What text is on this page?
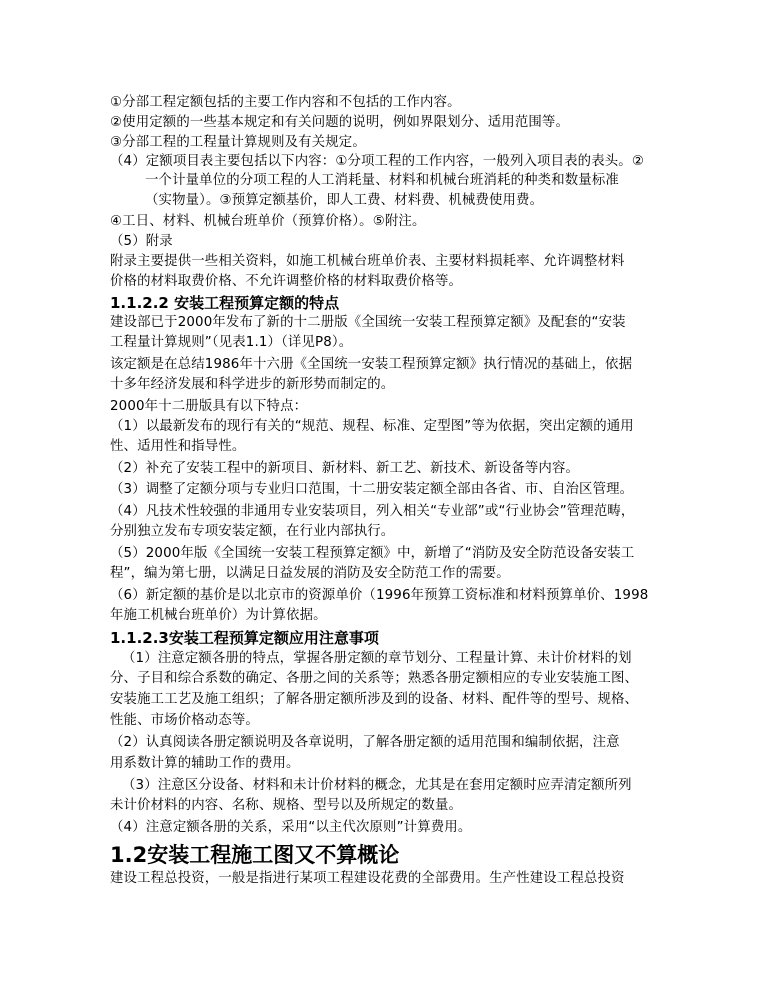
①分部工程定额包括的主要工作内容和不包括的工作内容。
②使用定额的一些基本规定和有关问题的说明，例如界限划分、适用范围等。
③分部工程的工程量计算规则及有关规定。
（4）定额项目表主要包括以下内容：①分项工程的工作内容，一般列入项目表的表头。②
一个计量单位的分项工程的人工消耗量、材料和机械台班消耗的种类和数量标准
（实物量）。③预算定额基价，即人工费、材料费、机械费使用费。
④工日、材料、机械台班单价（预算价格）。⑤附注。
（5）附录
附录主要提供一些相关资料，如施工机械台班单价表、主要材料损耗率、允许调整材料
价格的材料取费价格、不允许调整价格的材料取费价格等。
1.1.2.2 安装工程预算定额的特点
建设部已于2000年发布了新的十二册版《全国统一安装工程预算定额》及配套的“安装
工程量计算规则”（见表1.1）（详见P8）。
该定额是在总结1986年十六册《全国统一安装工程预算定额》执行情况的基础上，依据
十多年经济发展和科学进步的新形势而制定的。
2000年十二册版具有以下特点：
（1）以最新发布的现行有关的“规范、规程、标准、定型图”等为依据，突出定额的通用
性、适用性和指导性。
（2）补充了安装工程中的新项目、新材料、新工艺、新技术、新设备等内容。
（3）调整了定额分项与专业归口范围，十二册安装定额全部由各省、市、自治区管理。
（4）凡技术性较强的非通用专业安装项目，列入相关“专业部”或“行业协会”管理范畴，
分别独立发布专项安装定额，在行业内部执行。
（5）2000年版《全国统一安装工程预算定额》中，新增了“消防及安全防范设备安装工
程”，编为第七册，以满足日益发展的消防及安全防范工作的需要。
（6）新定额的基价是以北京市的资源单价（1996年预算工资标准和材料预算单价、1998
年施工机械台班单价）为计算依据。
1.1.2.3安装工程预算定额应用注意事项
（1）注意定额各册的特点，掌握各册定额的章节划分、工程量计算、未计价材料的划
分、子目和综合系数的确定、各册之间的关系等；熟悉各册定额相应的专业安装施工图、
安装施工工艺及施工组织；了解各册定额所涉及到的设备、材料、配件等的型号、规格、
性能、市场价格动态等。
（2）认真阅读各册定额说明及各章说明，了解各册定额的适用范围和编制依据，注意
用系数计算的辅助工作的费用。
（3）注意区分设备、材料和未计价材料的概念，尤其是在套用定额时应弄清定额所列
未计价材料的内容、名称、规格、型号以及所规定的数量。
（4）注意定额各册的关系，采用“以主代次原则”计算费用。
1.2安装工程施工图又不算概论
建设工程总投资，一般是指进行某项工程建设花费的全部费用。生产性建设工程总投资
